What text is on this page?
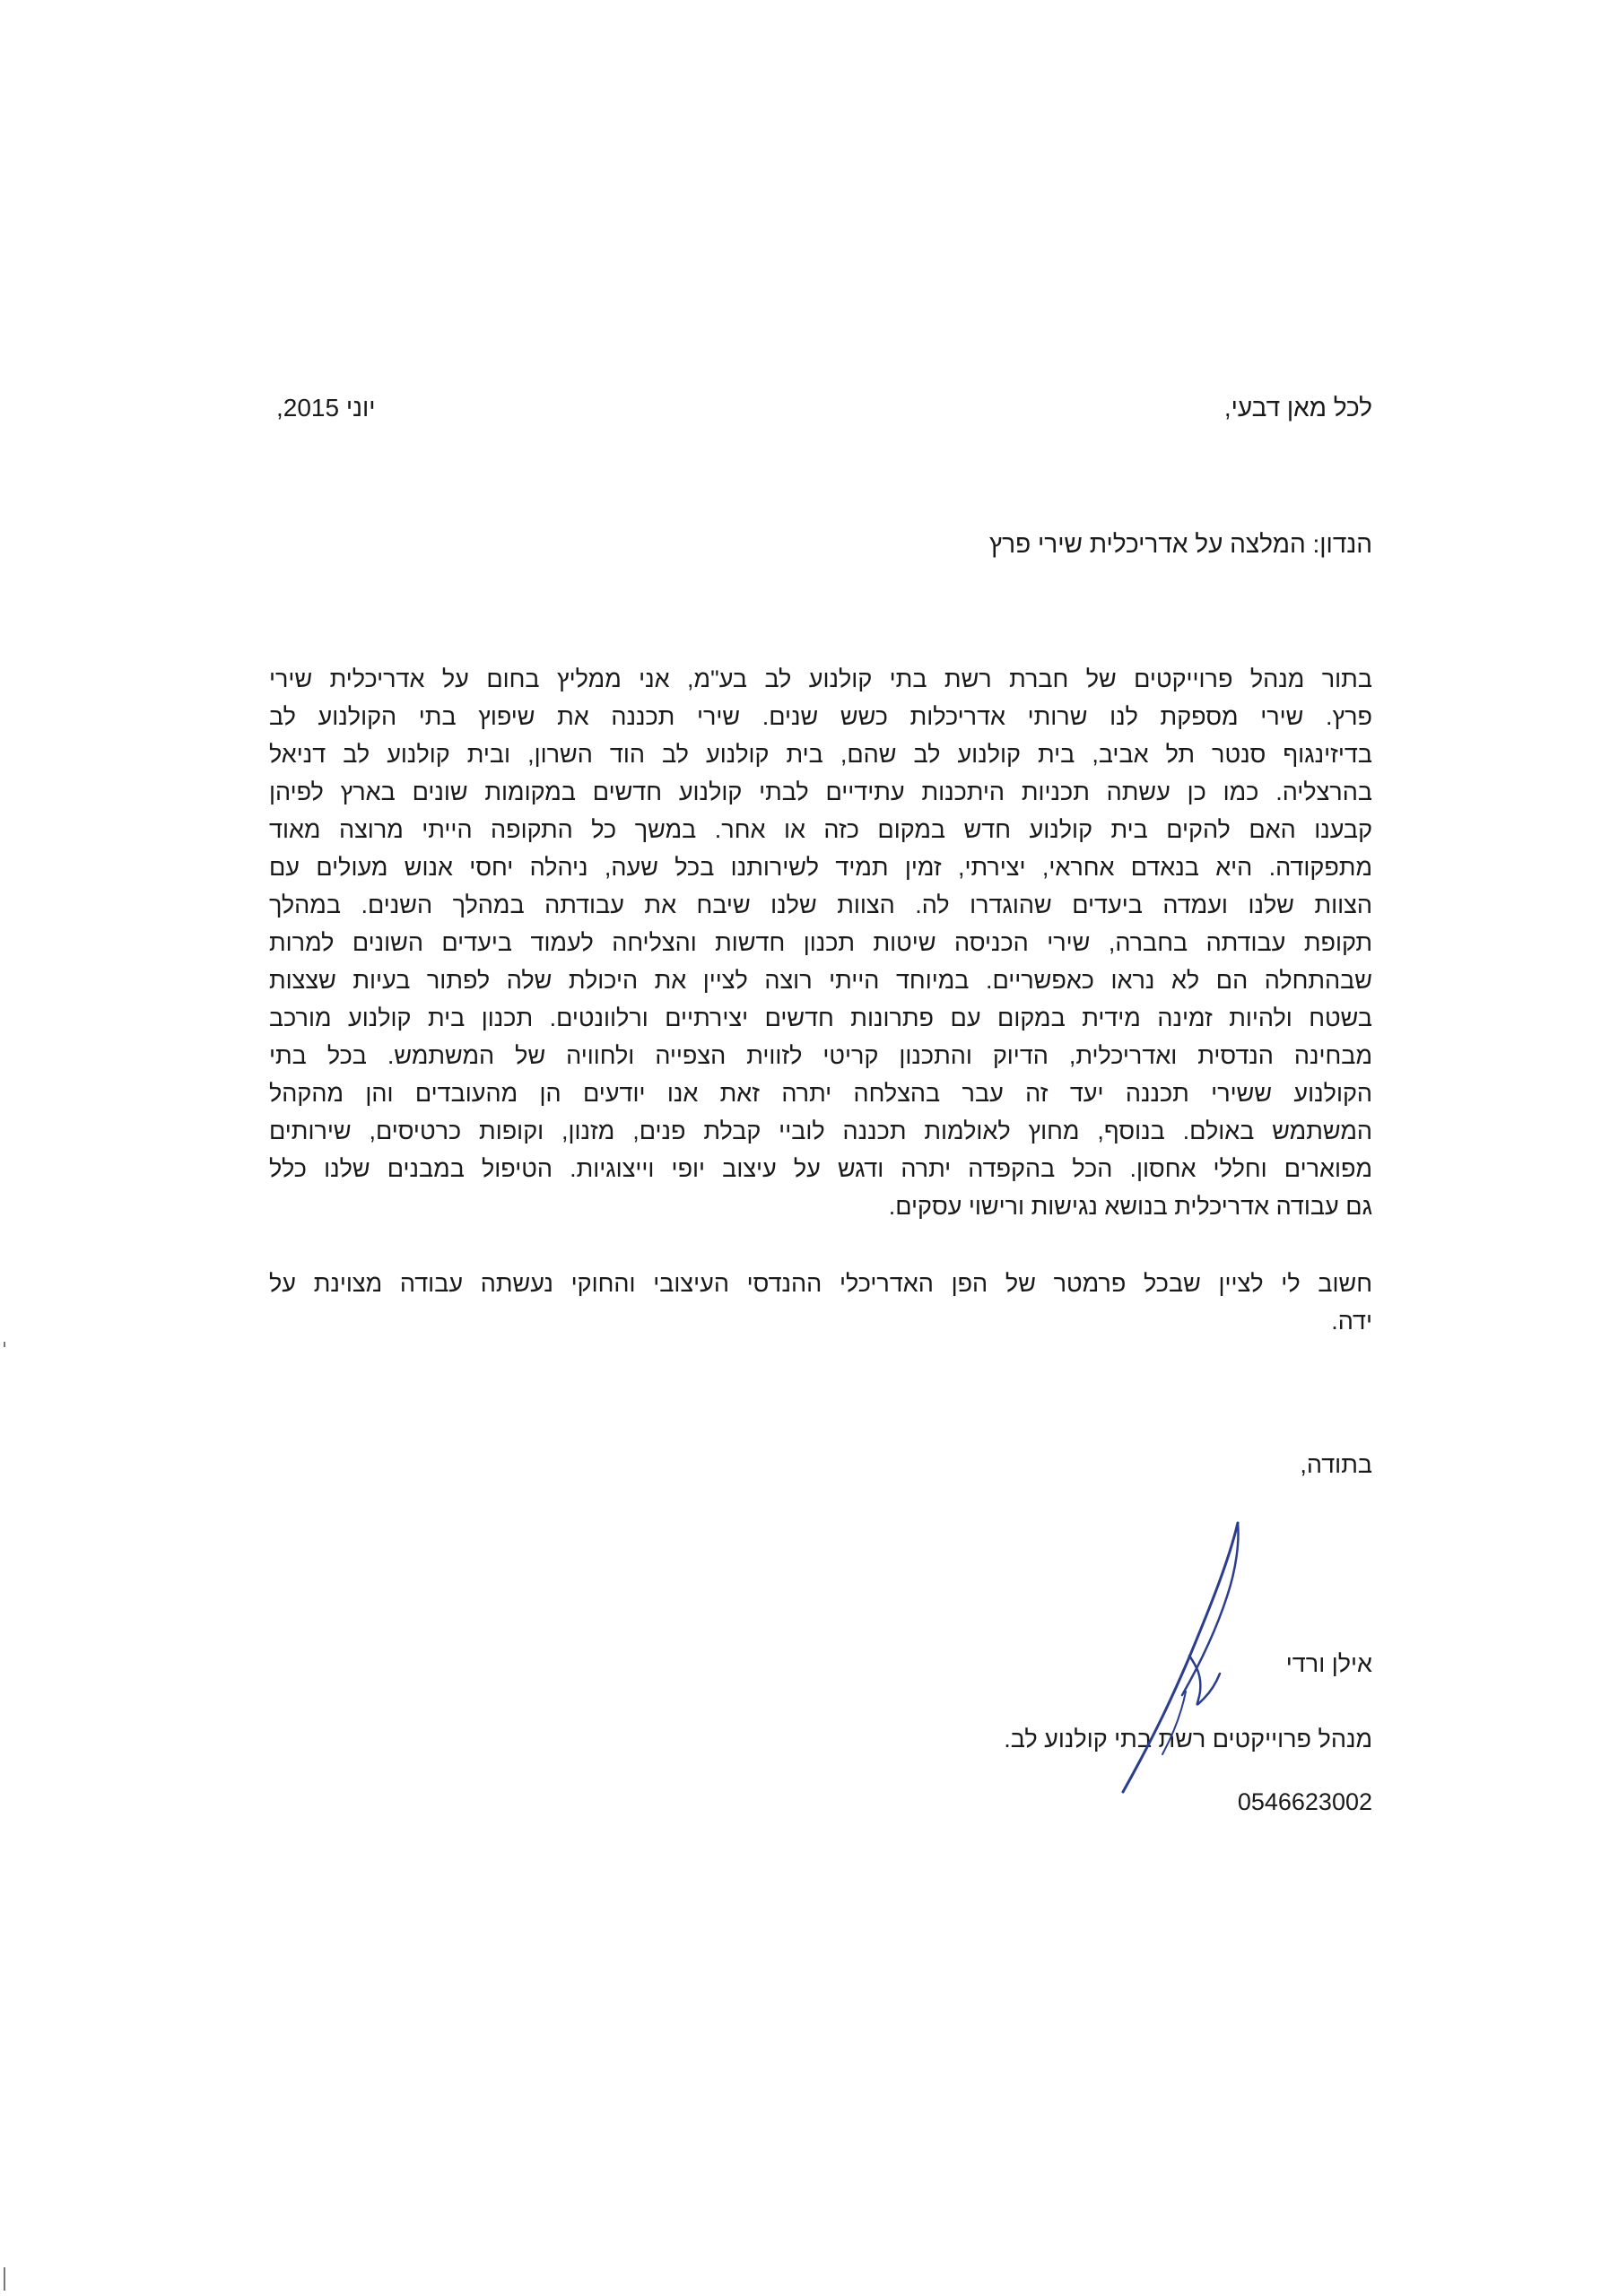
לכל מאן דבעי,
יוני 2015,
הנדון: המלצה על אדריכלית שירי פרץ
בתור מנהל פרוייקטים של חברת רשת בתי קולנוע לב בע"מ, אני ממליץ בחום על אדריכלית שירי
פרץ. שירי מספקת לנו שרותי אדריכלות כשש שנים. שירי תכננה את שיפוץ בתי הקולנוע לב
בדיזינגוף סנטר תל אביב, בית קולנוע לב שהם, בית קולנוע לב הוד השרון, ובית קולנוע לב דניאל
בהרצליה. כמו כן עשתה תכניות היתכנות עתידיים לבתי קולנוע חדשים במקומות שונים בארץ לפיהן
קבענו האם להקים בית קולנוע חדש במקום כזה או אחר. במשך כל התקופה הייתי מרוצה מאוד
מתפקודה. היא בנאדם אחראי, יצירתי, זמין תמיד לשירותנו בכל שעה, ניהלה יחסי אנוש מעולים עם
הצוות שלנו ועמדה ביעדים שהוגדרו לה. הצוות שלנו שיבח את עבודתה במהלך השנים. במהלך
תקופת עבודתה בחברה, שירי הכניסה שיטות תכנון חדשות והצליחה לעמוד ביעדים השונים למרות
שבהתחלה הם לא נראו כאפשריים. במיוחד הייתי רוצה לציין את היכולת שלה לפתור בעיות שצצות
בשטח ולהיות זמינה מידית במקום עם פתרונות חדשים יצירתיים ורלוונטים. תכנון בית קולנוע מורכב
מבחינה הנדסית ואדריכלית, הדיוק והתכנון קריטי לזווית הצפייה ולחוויה של המשתמש. בכל בתי
הקולנוע ששירי תכננה יעד זה עבר בהצלחה יתרה זאת אנו יודעים הן מהעובדים והן מהקהל
המשתמש באולם. בנוסף, מחוץ לאולמות תכננה לוביי קבלת פנים, מזנון, וקופות כרטיסים, שירותים
מפוארים וחללי אחסון. הכל בהקפדה יתרה ודגש על עיצוב יופי וייצוגיות. הטיפול במבנים שלנו כלל
גם עבודה אדריכלית בנושא נגישות ורישוי עסקים.
חשוב לי לציין שבכל פרמטר של הפן האדריכלי ההנדסי העיצובי והחוקי נעשתה עבודה מצוינת על
ידה.
בתודה,
אילן ורדי
מנהל פרוייקטים רשת בתי קולנוע לב.
0546623002
